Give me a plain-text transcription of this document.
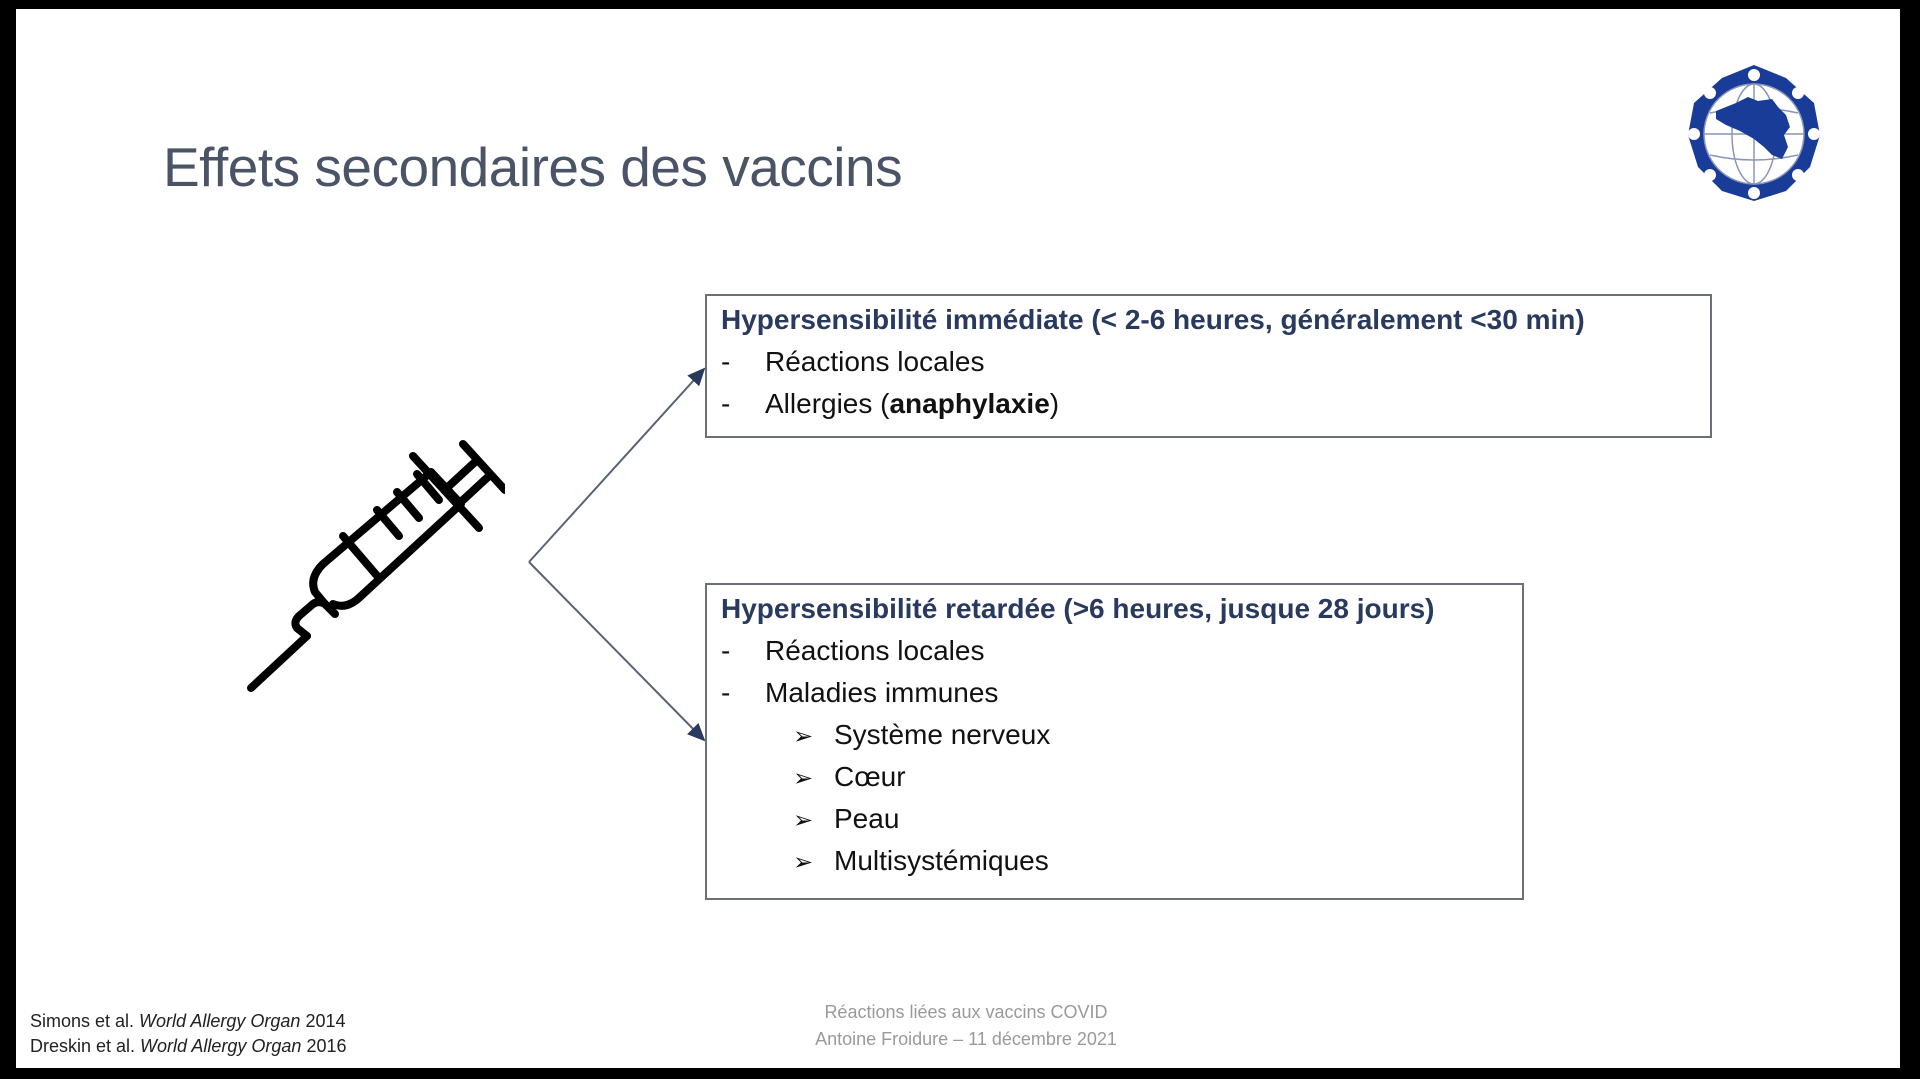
Effets secondaires des vaccins
Hypersensibilité immédiate (< 2-6 heures, généralement <30 min)
- Réactions locales
- Allergies (anaphylaxie)
Hypersensibilité retardée (>6 heures, jusque 28 jours)
- Réactions locales
- Maladies immunes
➢ Système nerveux
➢ Cœur
➢ Peau
➢ Multisystémiques
Simons et al. World Allergy Organ 2014
Dreskin et al. World Allergy Organ 2016
Réactions liées aux vaccins COVID
Antoine Froidure – 11 décembre 2021
